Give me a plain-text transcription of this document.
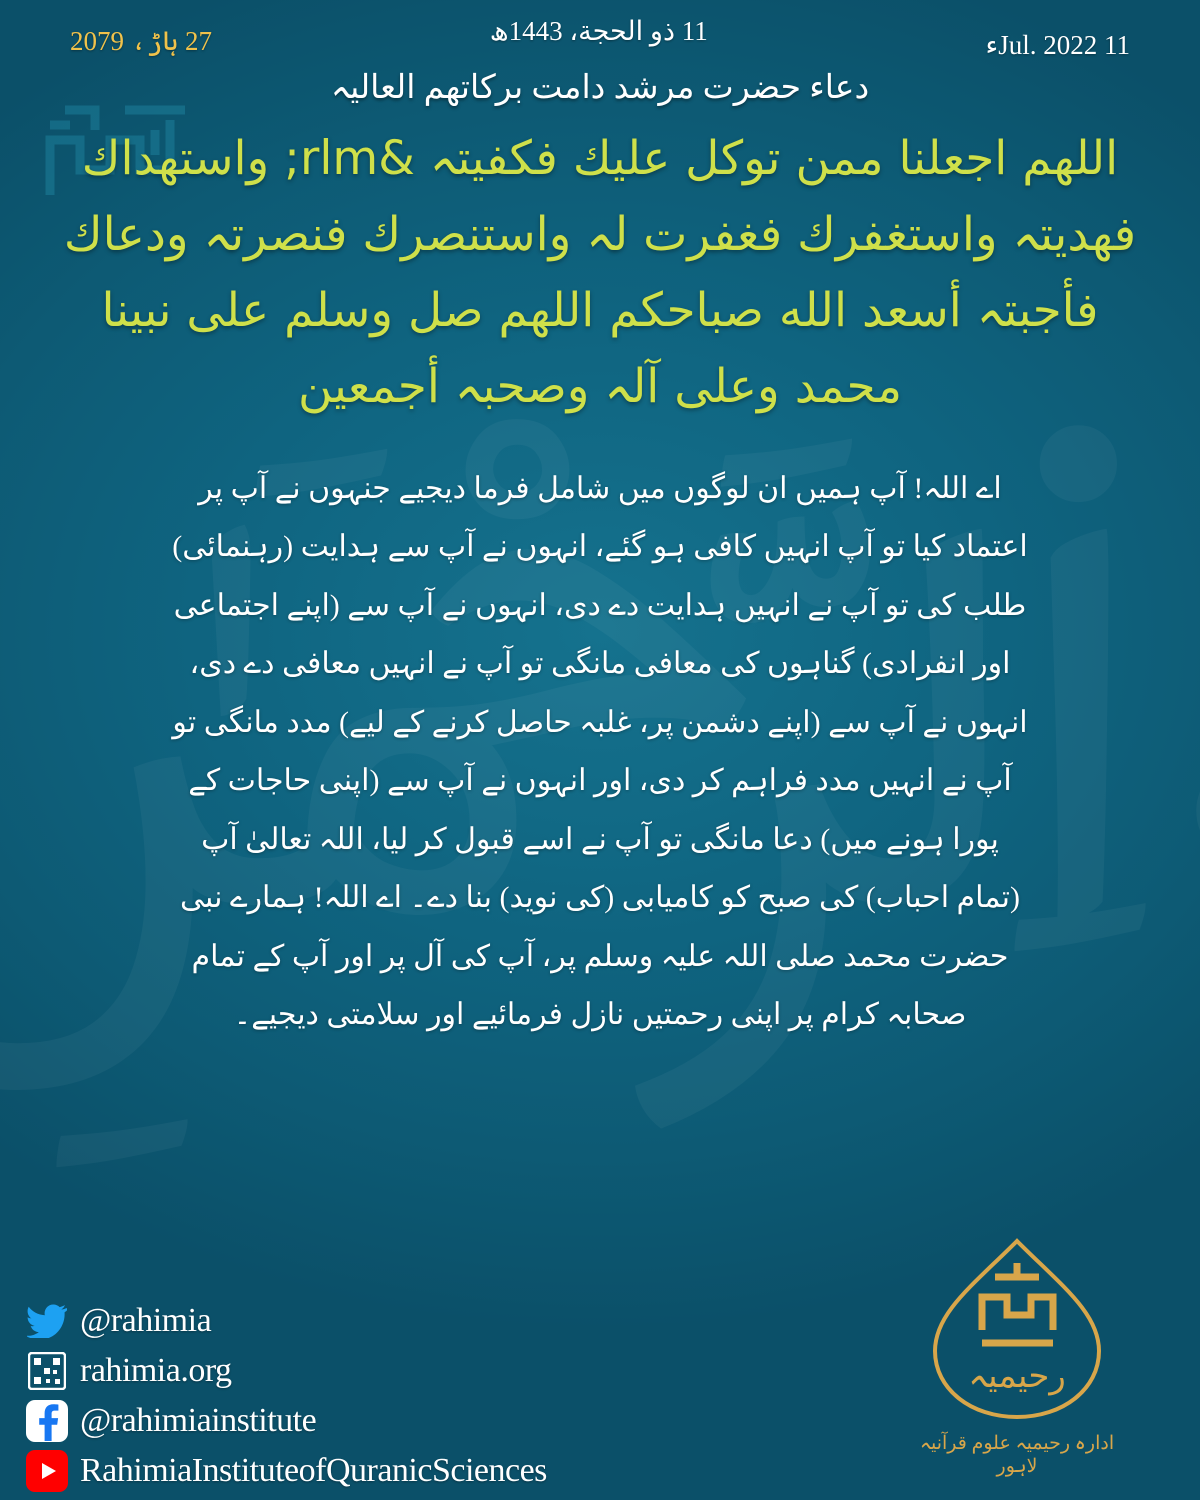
27 ہاڑ، 2079	11 ذو الحجة، 1443ھ	11 Jul. 2022ء
دعاء حضرت مرشد دامت بركاتهم العالیہ
اللهم اجعلنا ممن توكل علیك فكفیتہ &rlm; واستهداك فهدیتہ واستغفرك فغفرت لہ واستنصرك فنصرتہ ودعاك فأجبتہ أسعد الله صباحكم اللهم صل وسلم علی نبینا محمد وعلی آلہ وصحبہ أجمعین
اے اللہ! آپ ہمیں ان لوگوں میں شامل فرما دیجیے جنہوں نے آپ پر اعتماد کیا تو آپ انہیں کافی ہو گئے، انہوں نے آپ سے ہدایت (رہنمائی) طلب کی تو آپ نے انہیں ہدایت دے دی، انہوں نے آپ سے (اپنے اجتماعی اور انفرادی) گناہوں کی معافی مانگی تو آپ نے انہیں معافی دے دی، انہوں نے آپ سے (اپنے دشمن پر، غلبہ حاصل کرنے کے لیے) مدد مانگی تو آپ نے انہیں مدد فراہم کر دی، اور انہوں نے آپ سے (اپنی حاجات کے پورا ہونے میں) دعا مانگی تو آپ نے اسے قبول کر لیا، اللہ تعالیٰ آپ (تمام احباب) کی صبح کو کامیابی (کی نوید) بنا دے۔ اے اللہ! ہمارے نبی حضرت محمد صلی اللہ علیہ وسلم پر، آپ کی آل پر اور آپ کے تمام صحابہ کرام پر اپنی رحمتیں نازل فرمائیے اور سلامتی دیجیے۔
@rahimia
rahimia.org
@rahimiainstitute
RahimiaInstituteofQuranicSciences
رحیمیہ
ادارہ رحیمیہ علوم قرآنیہ لاہور
